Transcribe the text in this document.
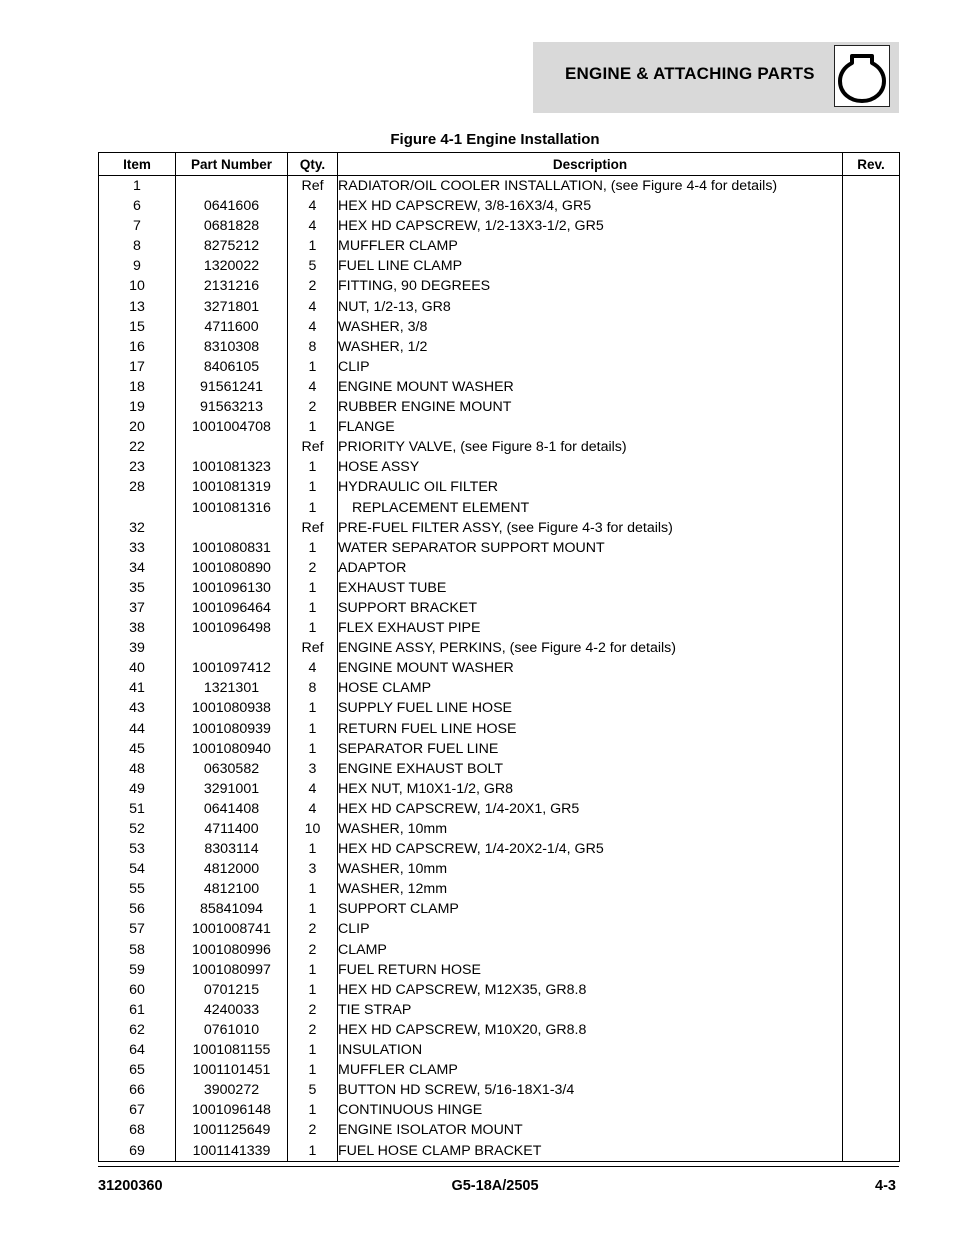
ENGINE & ATTACHING PARTS
Figure 4-1 Engine Installation
Item	Part Number	Qty.	Description	Rev.
1		Ref	RADIATOR/OIL COOLER INSTALLATION, (see Figure 4-4 for details)	
6	0641606	4	HEX HD CAPSCREW, 3/8-16X3/4, GR5	
7	0681828	4	HEX HD CAPSCREW, 1/2-13X3-1/2, GR5	
8	8275212	1	MUFFLER CLAMP	
9	1320022	5	FUEL LINE CLAMP	
10	2131216	2	FITTING, 90 DEGREES	
13	3271801	4	NUT, 1/2-13, GR8	
15	4711600	4	WASHER, 3/8	
16	8310308	8	WASHER, 1/2	
17	8406105	1	CLIP	
18	91561241	4	ENGINE MOUNT WASHER	
19	91563213	2	RUBBER ENGINE MOUNT	
20	1001004708	1	FLANGE	
22		Ref	PRIORITY VALVE, (see Figure 8-1 for details)	
23	1001081323	1	HOSE ASSY	
28	1001081319	1	HYDRAULIC OIL FILTER	
	1001081316	1	REPLACEMENT ELEMENT	
32		Ref	PRE-FUEL FILTER ASSY, (see Figure 4-3 for details)	
33	1001080831	1	WATER SEPARATOR SUPPORT MOUNT	
34	1001080890	2	ADAPTOR	
35	1001096130	1	EXHAUST TUBE	
37	1001096464	1	SUPPORT BRACKET	
38	1001096498	1	FLEX EXHAUST PIPE	
39		Ref	ENGINE ASSY, PERKINS, (see Figure 4-2 for details)	
40	1001097412	4	ENGINE MOUNT WASHER	
41	1321301	8	HOSE CLAMP	
43	1001080938	1	SUPPLY FUEL LINE HOSE	
44	1001080939	1	RETURN FUEL LINE HOSE	
45	1001080940	1	SEPARATOR FUEL LINE	
48	0630582	3	ENGINE EXHAUST BOLT	
49	3291001	4	HEX NUT, M10X1-1/2, GR8	
51	0641408	4	HEX HD CAPSCREW, 1/4-20X1, GR5	
52	4711400	10	WASHER, 10mm	
53	8303114	1	HEX HD CAPSCREW, 1/4-20X2-1/4, GR5	
54	4812000	3	WASHER, 10mm	
55	4812100	1	WASHER, 12mm	
56	85841094	1	SUPPORT CLAMP	
57	1001008741	2	CLIP	
58	1001080996	2	CLAMP	
59	1001080997	1	FUEL RETURN HOSE	
60	0701215	1	HEX HD CAPSCREW, M12X35, GR8.8	
61	4240033	2	TIE STRAP	
62	0761010	2	HEX HD CAPSCREW, M10X20, GR8.8	
64	1001081155	1	INSULATION	
65	1001101451	1	MUFFLER CLAMP	
66	3900272	5	BUTTON HD SCREW, 5/16-18X1-3/4	
67	1001096148	1	CONTINUOUS HINGE	
68	1001125649	2	ENGINE ISOLATOR MOUNT	
69	1001141339	1	FUEL HOSE CLAMP BRACKET	
31200360	G5-18A/2505	4-3
